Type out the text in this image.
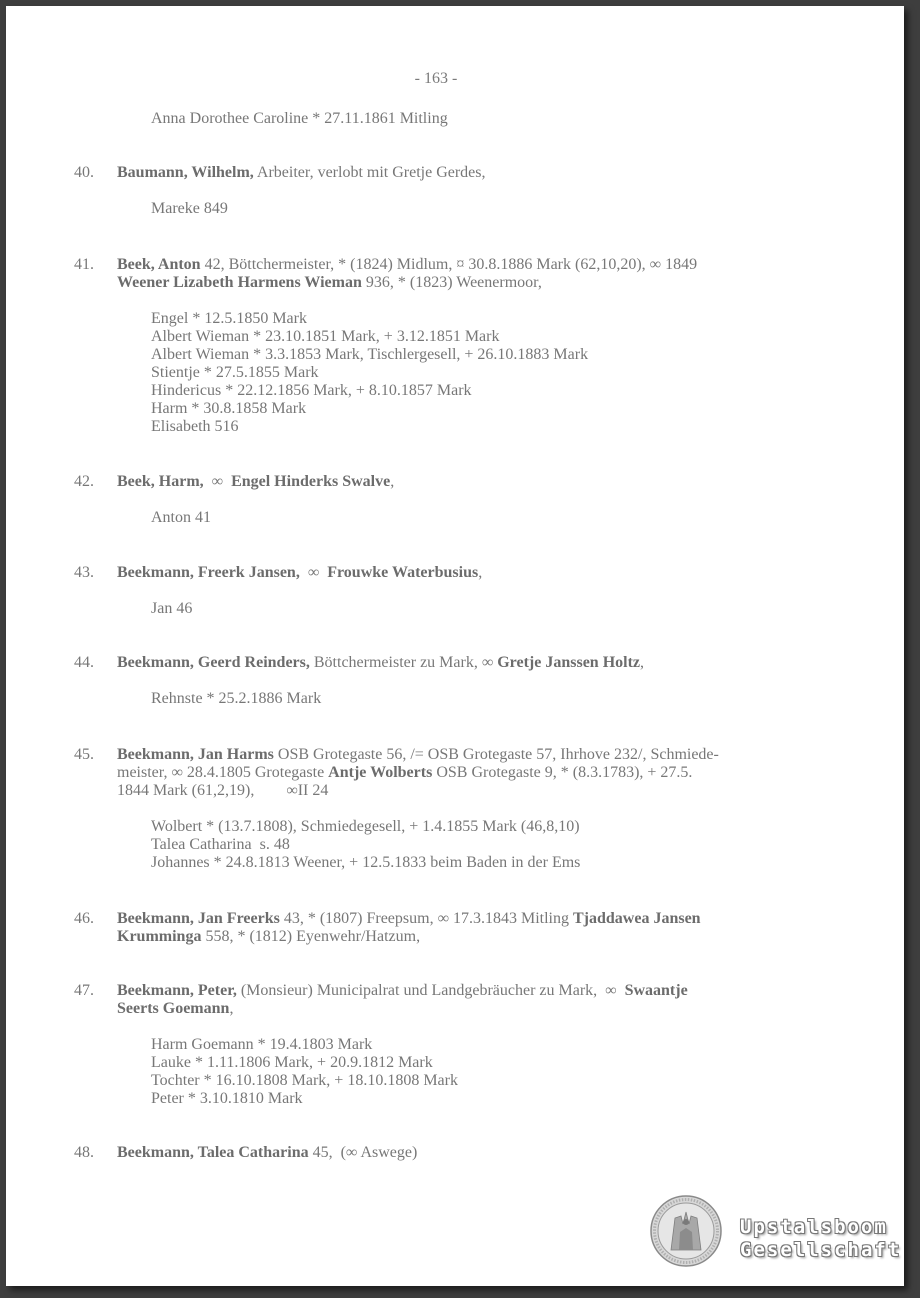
- 163 -
Anna Dorothee Caroline * 27.11.1861 Mitling
40. Baumann, Wilhelm, Arbeiter, verlobt mit Gretje Gerdes,
Mareke 849
41. Beek, Anton 42, Böttchermeister, * (1824) Midlum, ¤ 30.8.1886 Mark (62,10,20), ∞ 1849
Weener Lizabeth Harmens Wieman 936, * (1823) Weenermoor,
Engel * 12.5.1850 Mark
Albert Wieman * 23.10.1851 Mark, + 3.12.1851 Mark
Albert Wieman * 3.3.1853 Mark, Tischlergesell, + 26.10.1883 Mark
Stientje * 27.5.1855 Mark
Hindericus * 22.12.1856 Mark, + 8.10.1857 Mark
Harm * 30.8.1858 Mark
Elisabeth 516
42. Beek, Harm,  ∞  Engel Hinderks Swalve,
Anton 41
43. Beekmann, Freerk Jansen,  ∞  Frouwke Waterbusius,
Jan 46
44. Beekmann, Geerd Reinders, Böttchermeister zu Mark, ∞ Gretje Janssen Holtz,
Rehnste * 25.2.1886 Mark
45. Beekmann, Jan Harms OSB Grotegaste 56, /= OSB Grotegaste 57, Ihrhove 232/, Schmiede-
meister, ∞ 28.4.1805 Grotegaste Antje Wolberts OSB Grotegaste 9, * (8.3.1783), + 27.5.
1844 Mark (61,2,19),        ∞II 24
Wolbert * (13.7.1808), Schmiedegesell, + 1.4.1855 Mark (46,8,10)
Talea Catharina  s. 48
Johannes * 24.8.1813 Weener, + 12.5.1833 beim Baden in der Ems
46. Beekmann, Jan Freerks 43, * (1807) Freepsum, ∞ 17.3.1843 Mitling Tjaddawea Jansen
Krumminga 558, * (1812) Eyenwehr/Hatzum,
47. Beekmann, Peter, (Monsieur) Municipalrat und Landgebräucher zu Mark,  ∞  Swaantje
Seerts Goemann,
Harm Goemann * 19.4.1803 Mark
Lauke * 1.11.1806 Mark, + 20.9.1812 Mark
Tochter * 16.10.1808 Mark, + 18.10.1808 Mark
Peter * 3.10.1810 Mark
48. Beekmann, Talea Catharina 45,  (∞ Aswege)
Upstalsboom
Gesellschaft
